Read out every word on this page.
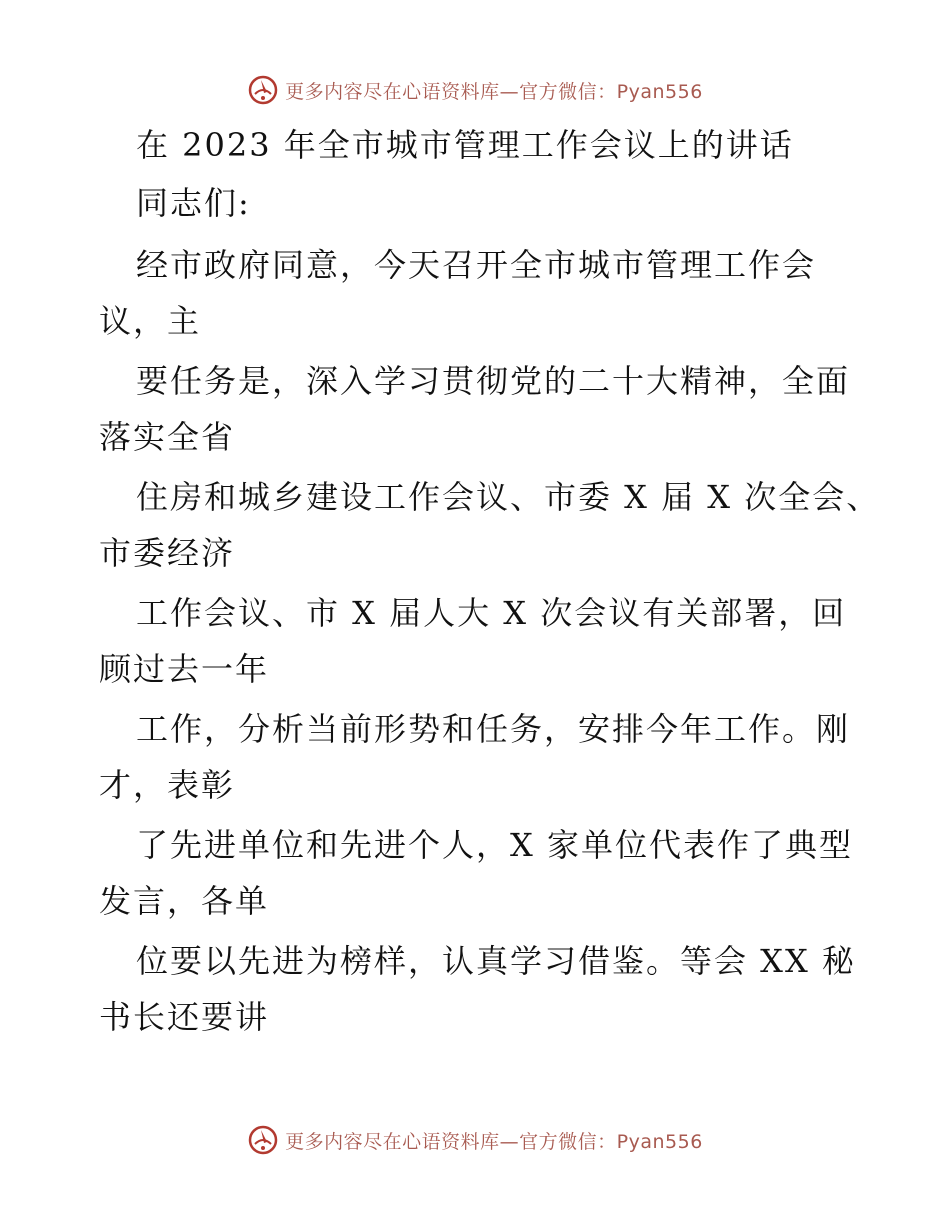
更多内容尽在心语资料库—官方微信：Pyan556
在 2023 年全市城市管理工作会议上的讲话
同志们:
经市政府同意，今天召开全市城市管理工作会
议，主
要任务是，深入学习贯彻党的二十大精神，全面
落实全省
住房和城乡建设工作会议、市委 X 届 X 次全会、
市委经济
工作会议、市 X 届人大 X 次会议有关部署，回
顾过去一年
工作，分析当前形势和任务，安排今年工作。刚
才，表彰
了先进单位和先进个人，X 家单位代表作了典型
发言，各单
位要以先进为榜样，认真学习借鉴。等会 XX 秘
书长还要讲
更多内容尽在心语资料库—官方微信：Pyan556
